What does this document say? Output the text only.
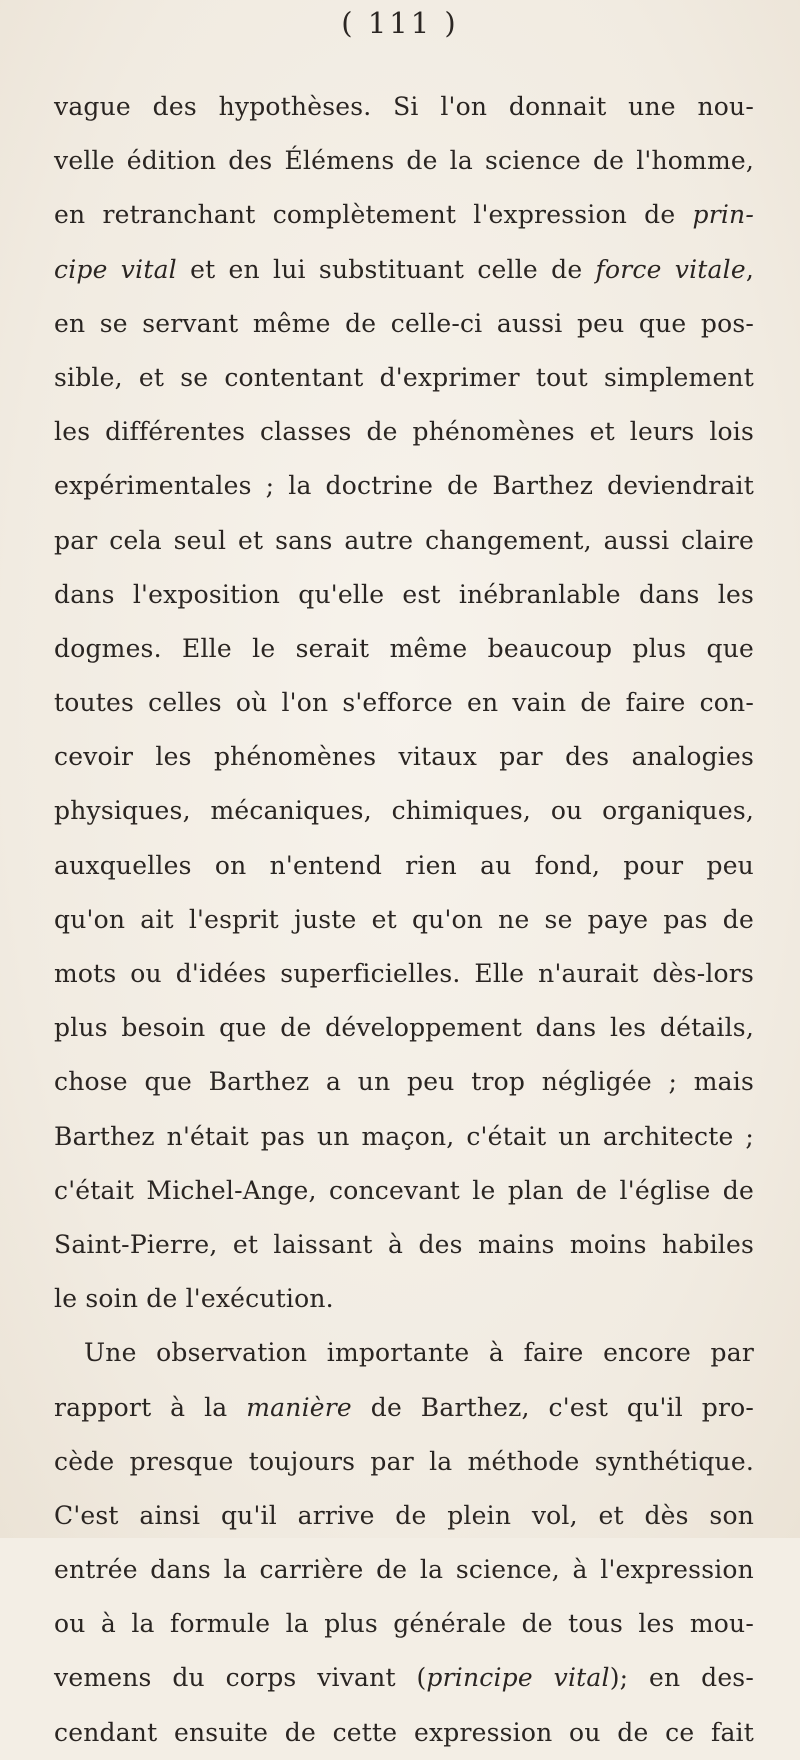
( 111 )
vague des hypothèses. Si l'on donnait une nou-
velle édition des Élémens de la science de l'homme,
en retranchant complètement l'expression de prin-
cipe vital et en lui substituant celle de force vitale,
en se servant même de celle-ci aussi peu que pos-
sible, et se contentant d'exprimer tout simplement
les différentes classes de phénomènes et leurs lois
expérimentales ; la doctrine de Barthez deviendrait
par cela seul et sans autre changement, aussi claire
dans l'exposition qu'elle est inébranlable dans les
dogmes. Elle le serait même beaucoup plus que
toutes celles où l'on s'efforce en vain de faire con-
cevoir les phénomènes vitaux par des analogies
physiques, mécaniques, chimiques, ou organiques,
auxquelles on n'entend rien au fond, pour peu
qu'on ait l'esprit juste et qu'on ne se paye pas de
mots ou d'idées superficielles. Elle n'aurait dès-lors
plus besoin que de développement dans les détails,
chose que Barthez a un peu trop négligée ; mais
Barthez n'était pas un maçon, c'était un architecte ;
c'était Michel-Ange, concevant le plan de l'église de
Saint-Pierre, et laissant à des mains moins habiles
le soin de l'exécution.
Une observation importante à faire encore par
rapport à la manière de Barthez, c'est qu'il pro-
cède presque toujours par la méthode synthétique.
C'est ainsi qu'il arrive de plein vol, et dès son
entrée dans la carrière de la science, à l'expression
ou à la formule la plus générale de tous les mou-
vemens du corps vivant (principe vital); en des-
cendant ensuite de cette expression ou de ce fait
